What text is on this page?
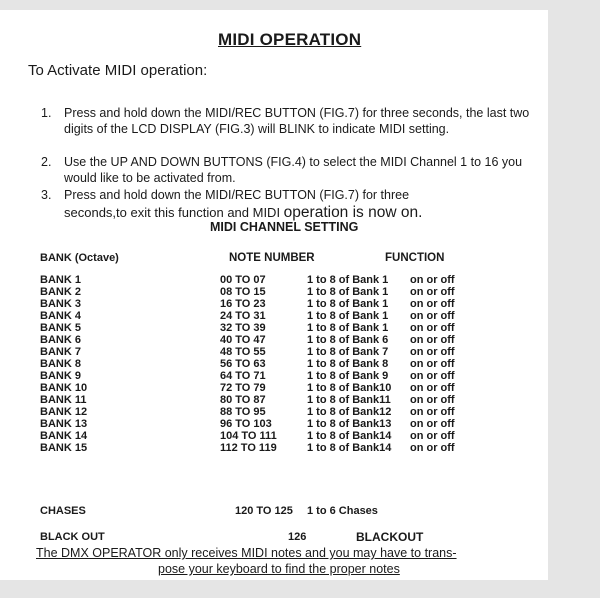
MIDI OPERATION
To Activate MIDI operation:
1. Press and hold down the MIDI/REC BUTTON (FIG.7) for three seconds, the last two digits of the LCD DISPLAY (FIG.3) will BLINK to indicate MIDI setting.
2. Use the UP AND DOWN BUTTONS (FIG.4) to select the MIDI Channel 1 to 16 you would like to be activated from.
3. Press and hold down the MIDI/REC BUTTON (FIG.7) for three
seconds,to exit this function and MIDI operation is now on.
MIDI CHANNEL SETTING
BANK (Octave)	NOTE NUMBER	FUNCTION
BANK 1	00 TO 07	1 to 8 of Bank 1 on or off
BANK 2	08 TO 15	1 to 8 of Bank 1 on or off
BANK 3	16 TO 23	1 to 8 of Bank 1 on or off
BANK 4	24 TO 31	1 to 8 of Bank 1 on or off
BANK 5	32 TO 39	1 to 8 of Bank 1 on or off
BANK 6	40 TO 47	1 to 8 of Bank 6 on or off
BANK 7	48 TO 55	1 to 8 of Bank 7 on or off
BANK 8	56 TO 63	1 to 8 of Bank 8 on or off
BANK 9	64 TO 71	1 to 8 of Bank 9 on or off
BANK 10	72 TO 79	1 to 8 of Bank10 on or off
BANK 11	80 TO 87	1 to 8 of Bank11 on or off
BANK 12	88 TO 95	1 to 8 of Bank12 on or off
BANK 13	96 TO 103	1 to 8 of Bank13 on or off
BANK 14	104 TO 111	1 to 8 of Bank14 on or off
BANK 15	112 TO 119	1 to 8 of Bank14 on or off
CHASES	120 TO 125 1 to 6 Chases
BLACK OUT	126	BLACKOUT
The DMX OPERATOR only receives MIDI notes and you may have to trans-
pose your keyboard to find the proper notes
